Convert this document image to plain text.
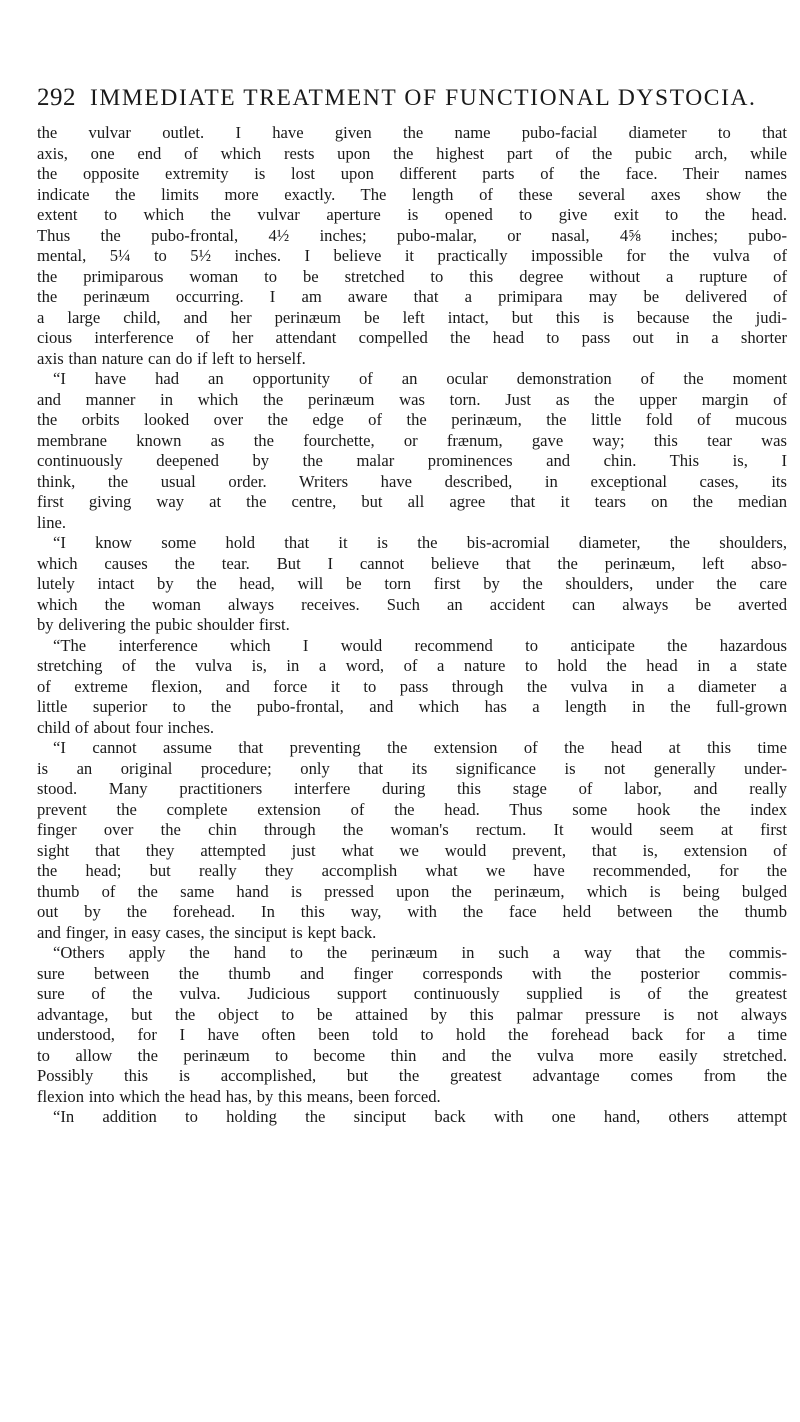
292 IMMEDIATE TREATMENT OF FUNCTIONAL DYSTOCIA.
the vulvar outlet. I have given the name pubo-facial diameter to that
axis, one end of which rests upon the highest part of the pubic arch, while
the opposite extremity is lost upon different parts of the face. Their names
indicate the limits more exactly. The length of these several axes show the
extent to which the vulvar aperture is opened to give exit to the head.
Thus the pubo-frontal, 4½ inches; pubo-malar, or nasal, 4⅝ inches; pubo-
mental, 5¼ to 5½ inches. I believe it practically impossible for the vulva of
the primiparous woman to be stretched to this degree without a rupture of
the perinæum occurring. I am aware that a primipara may be delivered of
a large child, and her perinæum be left intact, but this is because the judi-
cious interference of her attendant compelled the head to pass out in a shorter
axis than nature can do if left to herself.
“I have had an opportunity of an ocular demonstration of the moment
and manner in which the perinæum was torn. Just as the upper margin of
the orbits looked over the edge of the perinæum, the little fold of mucous
membrane known as the fourchette, or frænum, gave way; this tear was
continuously deepened by the malar prominences and chin. This is, I
think, the usual order. Writers have described, in exceptional cases, its
first giving way at the centre, but all agree that it tears on the median
line.
“I know some hold that it is the bis-acromial diameter, the shoulders,
which causes the tear. But I cannot believe that the perinæum, left abso-
lutely intact by the head, will be torn first by the shoulders, under the care
which the woman always receives. Such an accident can always be averted
by delivering the pubic shoulder first.
“The interference which I would recommend to anticipate the hazardous
stretching of the vulva is, in a word, of a nature to hold the head in a state
of extreme flexion, and force it to pass through the vulva in a diameter a
little superior to the pubo-frontal, and which has a length in the full-grown
child of about four inches.
“I cannot assume that preventing the extension of the head at this time
is an original procedure; only that its significance is not generally under-
stood. Many practitioners interfere during this stage of labor, and really
prevent the complete extension of the head. Thus some hook the index
finger over the chin through the woman's rectum. It would seem at first
sight that they attempted just what we would prevent, that is, extension of
the head; but really they accomplish what we have recommended, for the
thumb of the same hand is pressed upon the perinæum, which is being bulged
out by the forehead. In this way, with the face held between the thumb
and finger, in easy cases, the sinciput is kept back.
“Others apply the hand to the perinæum in such a way that the commis-
sure between the thumb and finger corresponds with the posterior commis-
sure of the vulva. Judicious support continuously supplied is of the greatest
advantage, but the object to be attained by this palmar pressure is not always
understood, for I have often been told to hold the forehead back for a time
to allow the perinæum to become thin and the vulva more easily stretched.
Possibly this is accomplished, but the greatest advantage comes from the
flexion into which the head has, by this means, been forced.
“In addition to holding the sinciput back with one hand, others attempt
